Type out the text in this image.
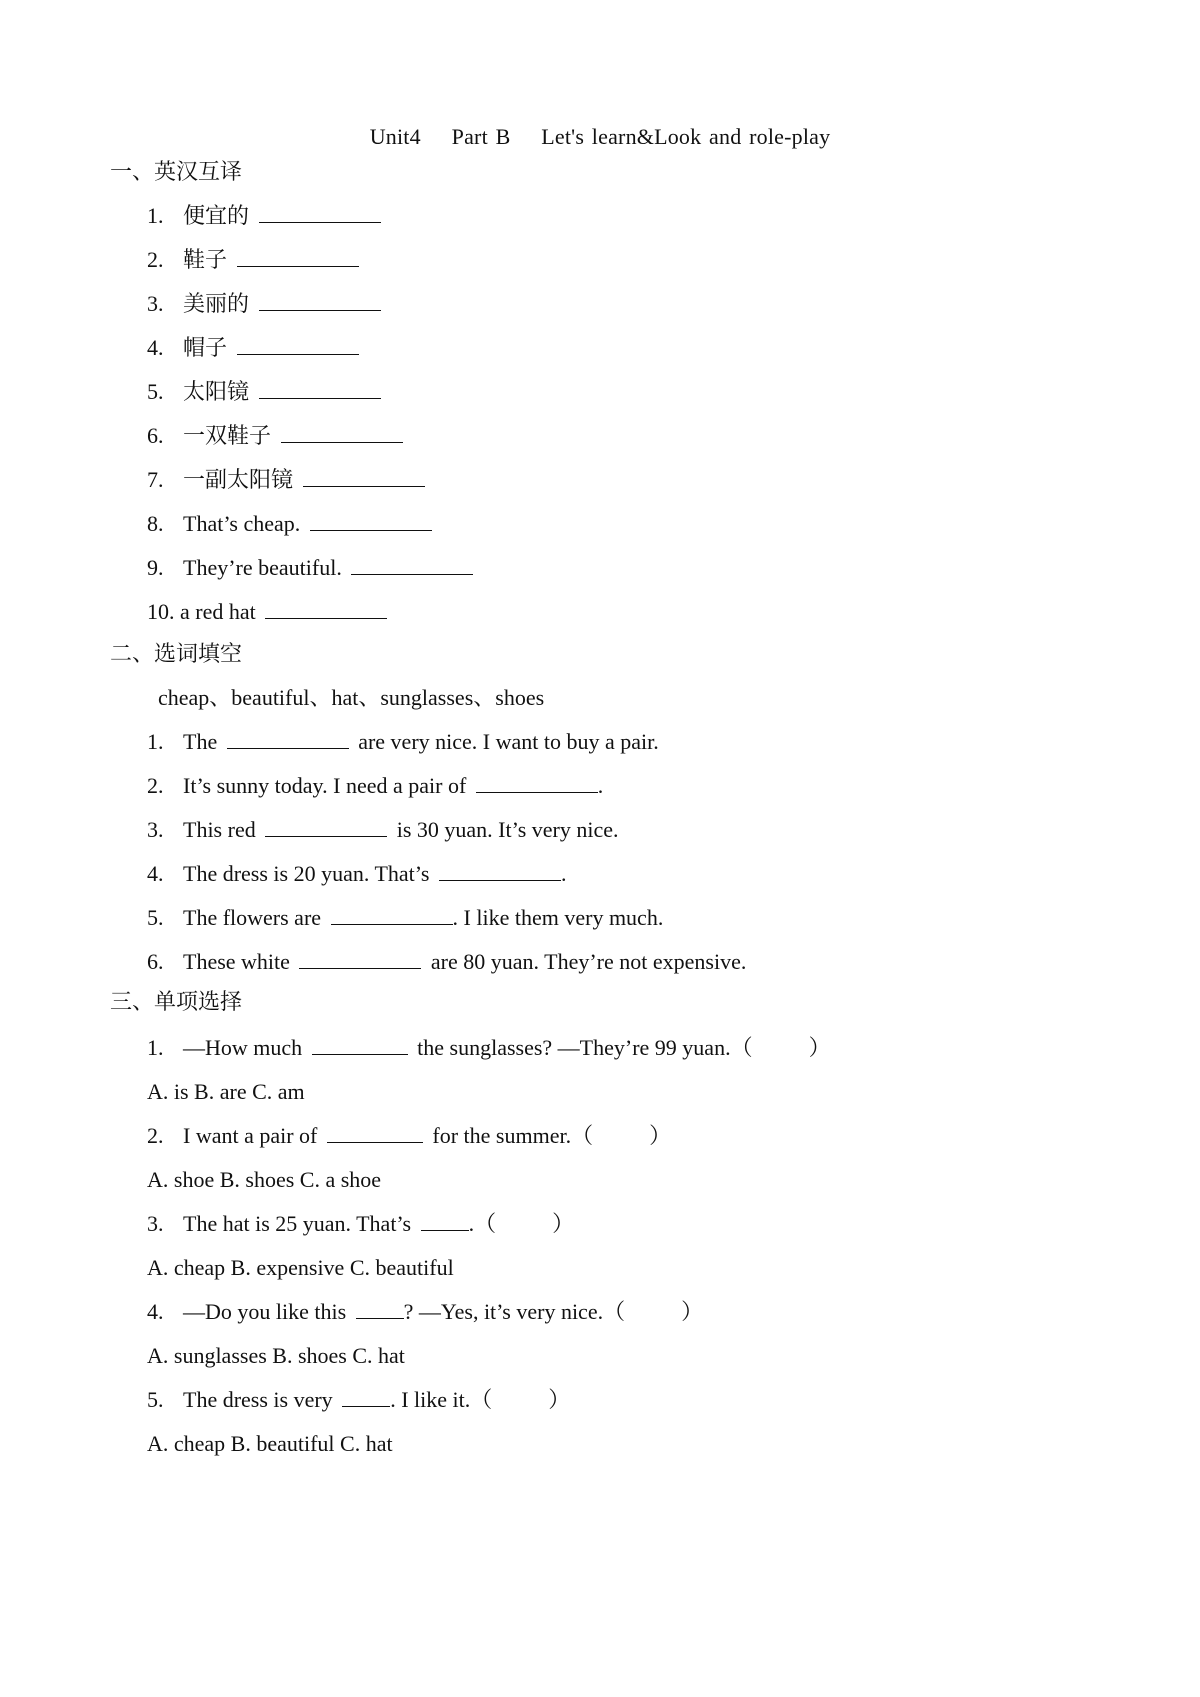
Unit4 Part B Let's learn&Look and role-play
一、英汉互译
1. 便宜的
2. 鞋子
3. 美丽的
4. 帽子
5. 太阳镜
6. 一双鞋子
7. 一副太阳镜
8. That’s cheap.
9. They’re beautiful.
10. a red hat
二、选词填空
cheap、beautiful、hat、sunglasses、shoes
1. The	are very nice. I want to buy a pair.
2. It’s sunny today. I need a pair of	.
3. This red	is 30 yuan. It’s very nice.
4. The dress is 20 yuan. That’s	.
5. The flowers are	. I like them very much.
6. These white	are 80 yuan. They’re not expensive.
三、单项选择
1. —How much	the sunglasses? —They’re 99 yuan.（	）
A. is B. are C. am
2. I want a pair of	for the summer.（	）
A. shoe B. shoes C. a shoe
3. The hat is 25 yuan. That’s	.（	）
A. cheap B. expensive C. beautiful
4. —Do you like this	? —Yes, it’s very nice.（	）
A. sunglasses B. shoes C. hat
5. The dress is very	. I like it.（	）
A. cheap B. beautiful C. hat
